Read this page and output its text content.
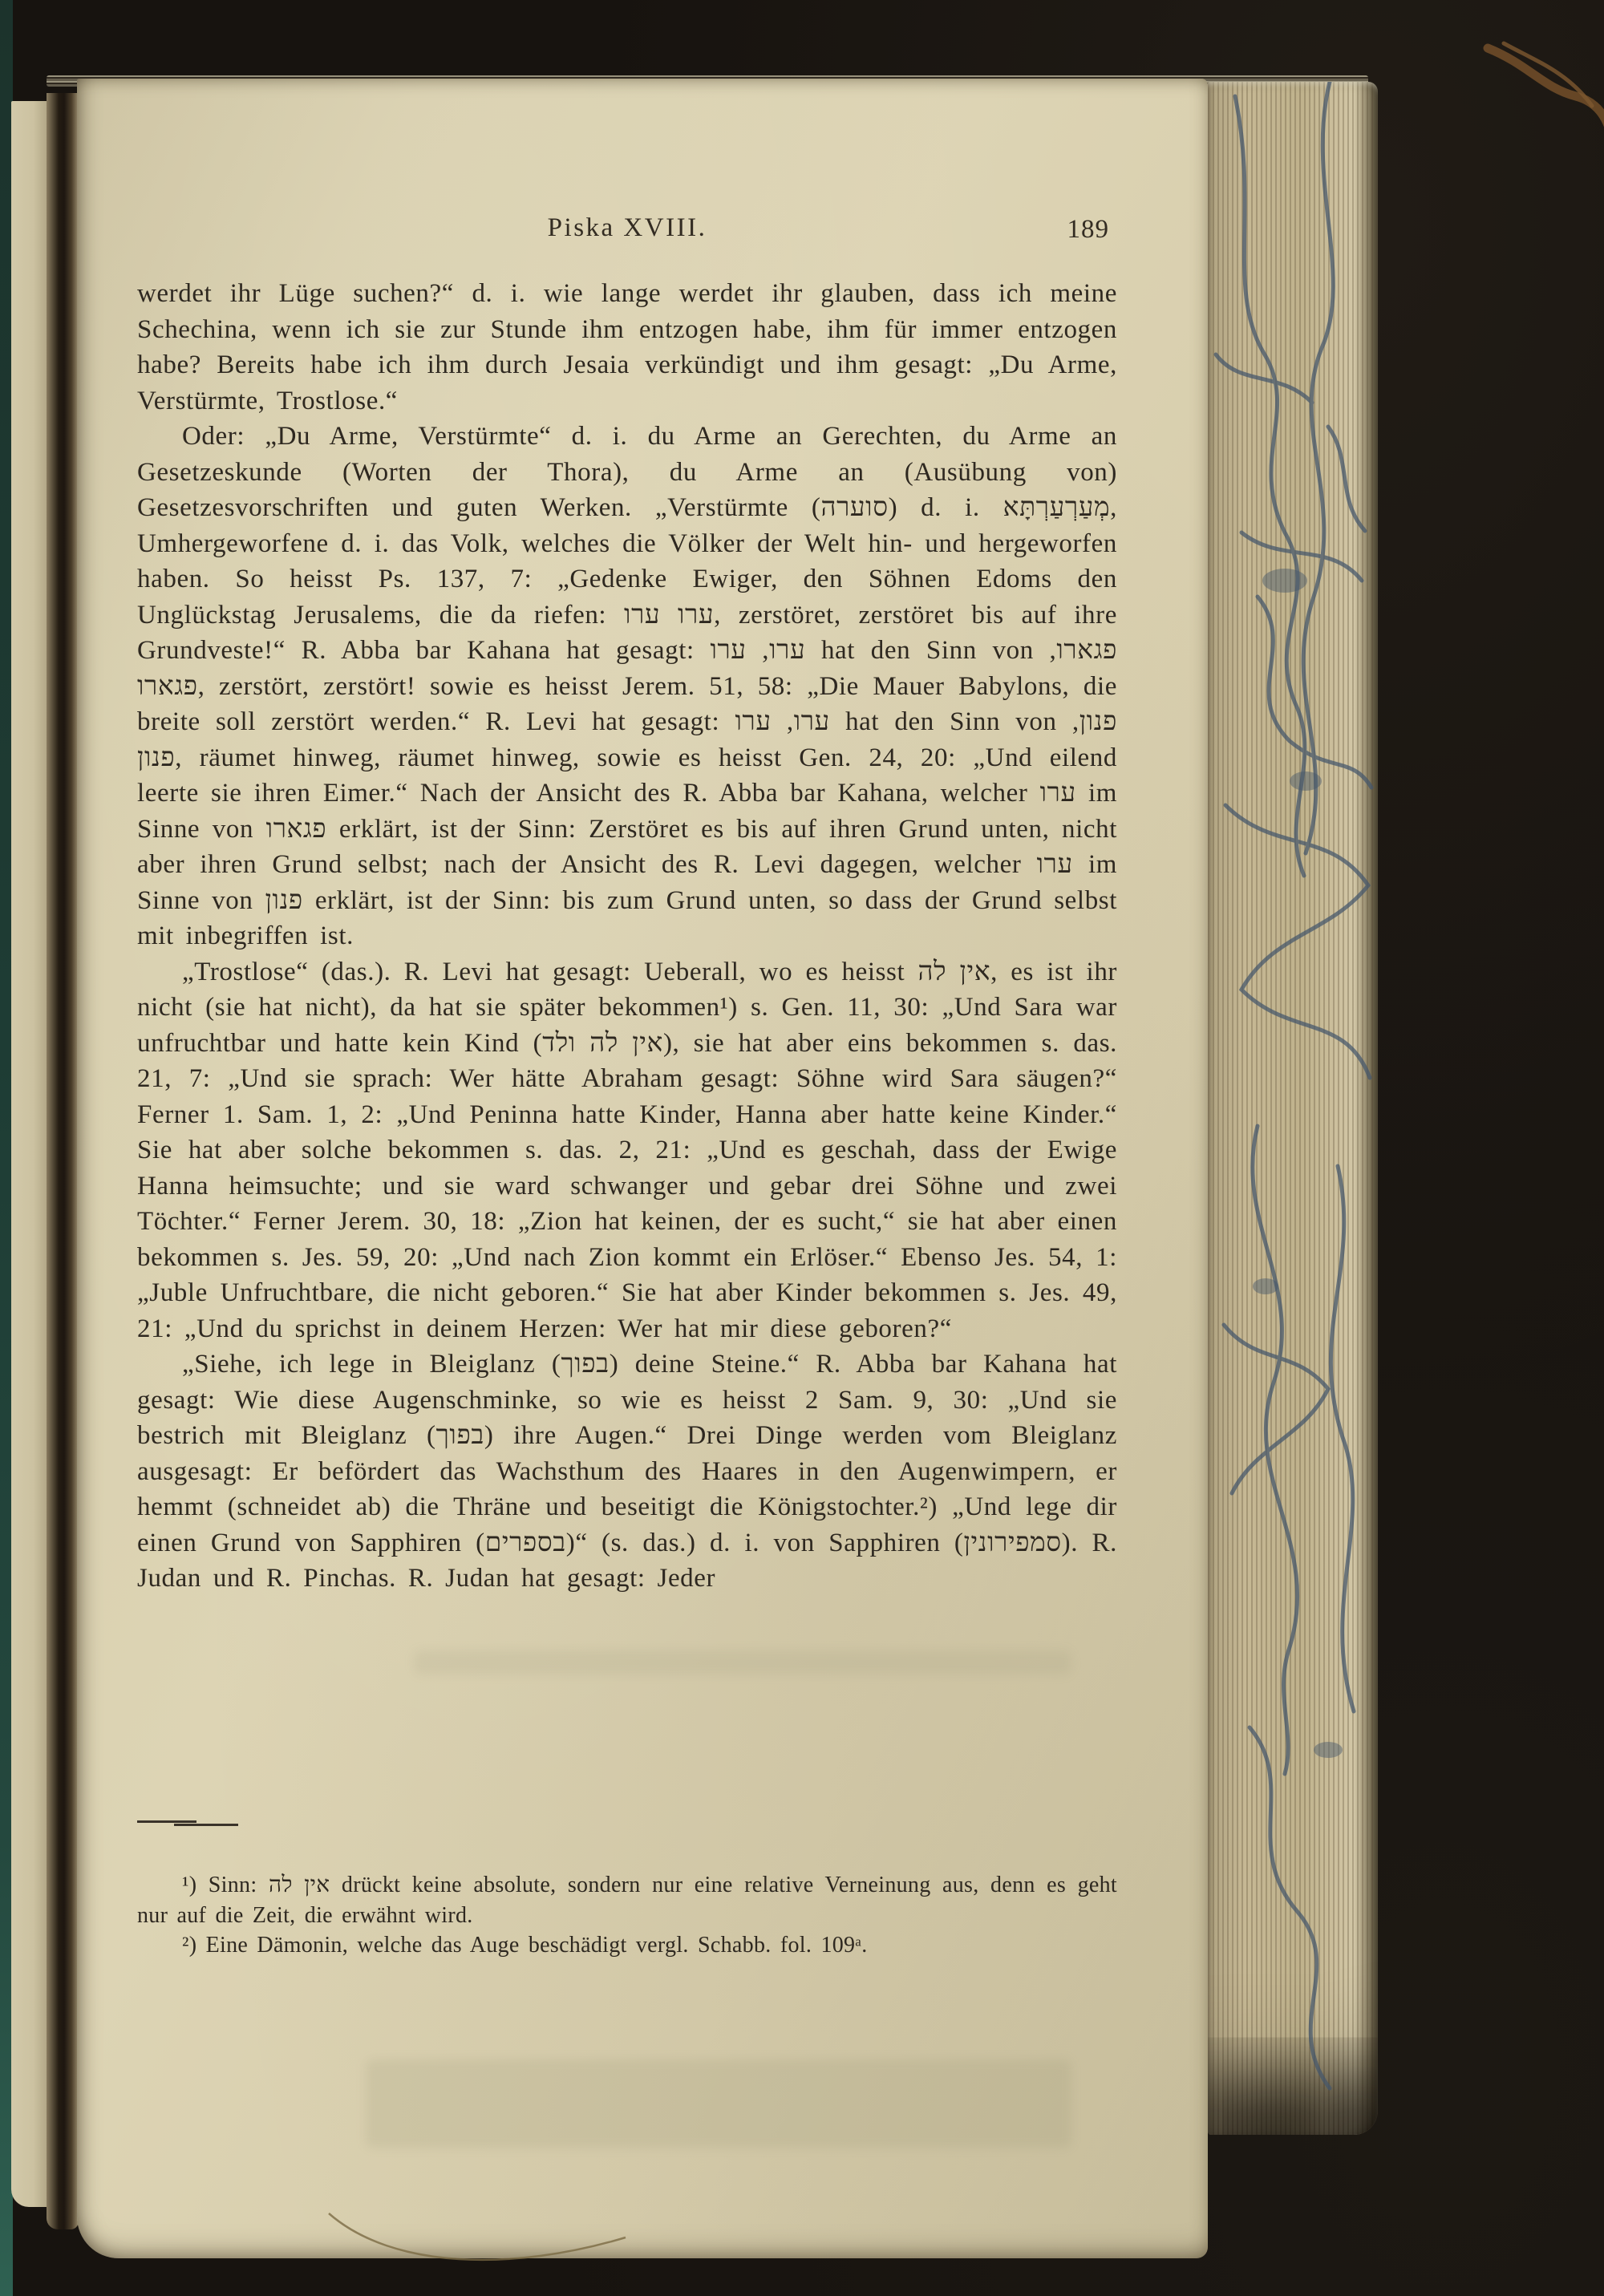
Piska XVIII.	189

werdet ihr Lüge suchen?“ d. i. wie lange werdet ihr glauben, dass ich meine Schechina, wenn ich sie zur Stunde ihm entzogen habe, ihm für immer entzogen habe? Bereits habe ich ihm durch Jesaia verkündigt und ihm gesagt: „Du Arme, Verstürmte, Trostlose.“

Oder: „Du Arme, Verstürmte“ d. i. du Arme an Gerechten, du Arme an Gesetzeskunde (Worten der Thora), du Arme an (Ausübung von) Gesetzesvorschriften und guten Werken. „Verstürmte (סוערה) d. i. מְעַרְעַרְתָּא, Umhergeworfene d. i. das Volk, welches die Völker der Welt hin- und hergeworfen haben. So heisst Ps. 137, 7: „Gedenke Ewiger, den Söhnen Edoms den Unglückstag Jerusalems, die da riefen: ערו ערו, zerstöret, zerstöret bis auf ihre Grundveste!“ R. Abba bar Kahana hat gesagt: ערו, ערו hat den Sinn von פגארו, פגארו, zerstört, zerstört! sowie es heisst Jerem. 51, 58: „Die Mauer Babylons, die breite soll zerstört werden.“ R. Levi hat gesagt: ערו, ערו hat den Sinn von פנון, פנון, räumet hinweg, räumet hinweg, sowie es heisst Gen. 24, 20: „Und eilend leerte sie ihren Eimer.“ Nach der Ansicht des R. Abba bar Kahana, welcher ערו im Sinne von פגארו erklärt, ist der Sinn: Zerstöret es bis auf ihren Grund unten, nicht aber ihren Grund selbst; nach der Ansicht des R. Levi dagegen, welcher ערו im Sinne von פנון erklärt, ist der Sinn: bis zum Grund unten, so dass der Grund selbst mit inbegriffen ist.

„Trostlose“ (das.). R. Levi hat gesagt: Ueberall, wo es heisst אין לה, es ist ihr nicht (sie hat nicht), da hat sie später bekommen¹) s. Gen. 11, 30: „Und Sara war unfruchtbar und hatte kein Kind (אין לה ולד), sie hat aber eins bekommen s. das. 21, 7: „Und sie sprach: Wer hätte Abraham gesagt: Söhne wird Sara säugen?“ Ferner 1. Sam. 1, 2: „Und Peninna hatte Kinder, Hanna aber hatte keine Kinder.“ Sie hat aber solche bekommen s. das. 2, 21: „Und es geschah, dass der Ewige Hanna heimsuchte; und sie ward schwanger und gebar drei Söhne und zwei Töchter.“ Ferner Jerem. 30, 18: „Zion hat keinen, der es sucht,“ sie hat aber einen bekommen s. Jes. 59, 20: „Und nach Zion kommt ein Erlöser.“ Ebenso Jes. 54, 1: „Juble Unfruchtbare, die nicht geboren.“ Sie hat aber Kinder bekommen s. Jes. 49, 21: „Und du sprichst in deinem Herzen: Wer hat mir diese geboren?“

„Siehe, ich lege in Bleiglanz (בפוך) deine Steine.“ R. Abba bar Kahana hat gesagt: Wie diese Augenschminke, so wie es heisst 2 Sam. 9, 30: „Und sie bestrich mit Bleiglanz (בפוך) ihre Augen.“ Drei Dinge werden vom Bleiglanz ausgesagt: Er befördert das Wachsthum des Haares in den Augenwimpern, er hemmt (schneidet ab) die Thräne und beseitigt die Königstochter.²) „Und lege dir einen Grund von Sapphiren (בספרים)“ (s. das.) d. i. von Sapphiren (סמפירונין). R. Judan und R. Pinchas. R. Judan hat gesagt: Jeder

¹) Sinn: אין לה drückt keine absolute, sondern nur eine relative Verneinung aus, denn es geht nur auf die Zeit, die erwähnt wird.

²) Eine Dämonin, welche das Auge beschädigt vergl. Schabb. fol. 109ᵃ.
